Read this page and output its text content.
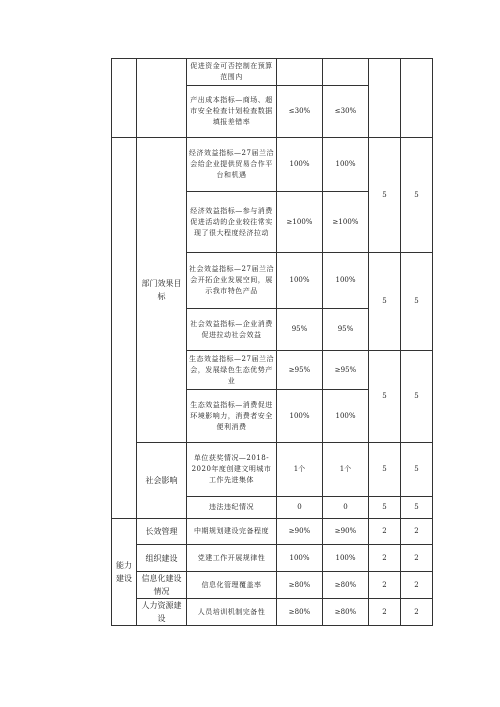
		促进资金可否控制在预算范围内				
		产出成本指标—商场、超市安全检查计划检查数据填报差错率	≤30%	≤30%		
	部门效果目标	经济效益指标—27届兰洽会给企业提供贸易合作平台和机遇	100%	100%	5	5
		经济效益指标—参与消费促进活动的企业较往常实现了很大程度经济拉动	≥100%	≥100%		
		社会效益指标—27届兰洽会开拓企业发展空间，展示我市特色产品	100%	100%	5	5
		社会效益指标—企业消费促进拉动社会效益	95%	95%		
		生态效益指标—27届兰洽会，发展绿色生态优势产业	≥95%	≥95%	5	5
		生态效益指标—消费促进环境影响力，消费者安全便利消费	100%	100%		
	社会影响	单位获奖情况—2018-2020年度创建文明城市工作先进集体	1个	1个	5	5
		违法违纪情况	0	0	5	5
能力建设	长效管理	中期规划建设完备程度	≥90%	≥90%	2	2
	组织建设	党建工作开展规律性	100%	100%	2	2
	信息化建设情况	信息化管理覆盖率	≥80%	≥80%	2	2
	人力资源建设	人员培训机制完备性	≥80%	≥80%	2	2
